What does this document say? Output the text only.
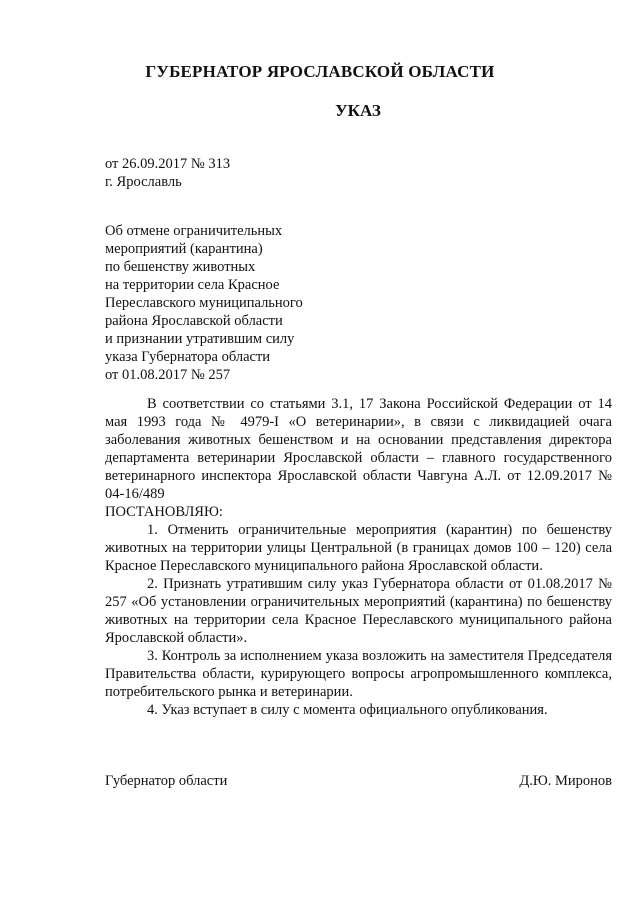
ГУБЕРНАТОР ЯРОСЛАВСКОЙ ОБЛАСТИ
УКАЗ
от 26.09.2017 № 313
г. Ярославль
Об отмене ограничительных
мероприятий (карантина)
по бешенству животных
на территории села Красное
Переславского муниципального
района Ярославской области
и признании утратившим силу
указа Губернатора области
от 01.08.2017 № 257

В соответствии со статьями 3.1, 17 Закона Российской Федерации от 14 мая 1993 года № 4979-I «О ветеринарии», в связи с ликвидацией очага заболевания животных бешенством и на основании представления директора департамента ветеринарии Ярославской области – главного государственного ветеринарного инспектора Ярославской области Чавгуна А.Л. от 12.09.2017 № 04-16/489

ПОСТАНОВЛЯЮ:

1. Отменить ограничительные мероприятия (карантин) по бешенству животных на территории улицы Центральной (в границах домов 100 – 120) села Красное Переславского муниципального района Ярославской области.

2. Признать утратившим силу указ Губернатора области от 01.08.2017 № 257 «Об установлении ограничительных мероприятий (карантина) по бешенству животных на территории села Красное Переславского муниципального района Ярославской области».

3. Контроль за исполнением указа возложить на заместителя Председателя Правительства области, курирующего вопросы агропромышленного комплекса, потребительского рынка и ветеринарии.

4. Указ вступает в силу с момента официального опубликования.

Губернатор области	Д.Ю. Миронов
